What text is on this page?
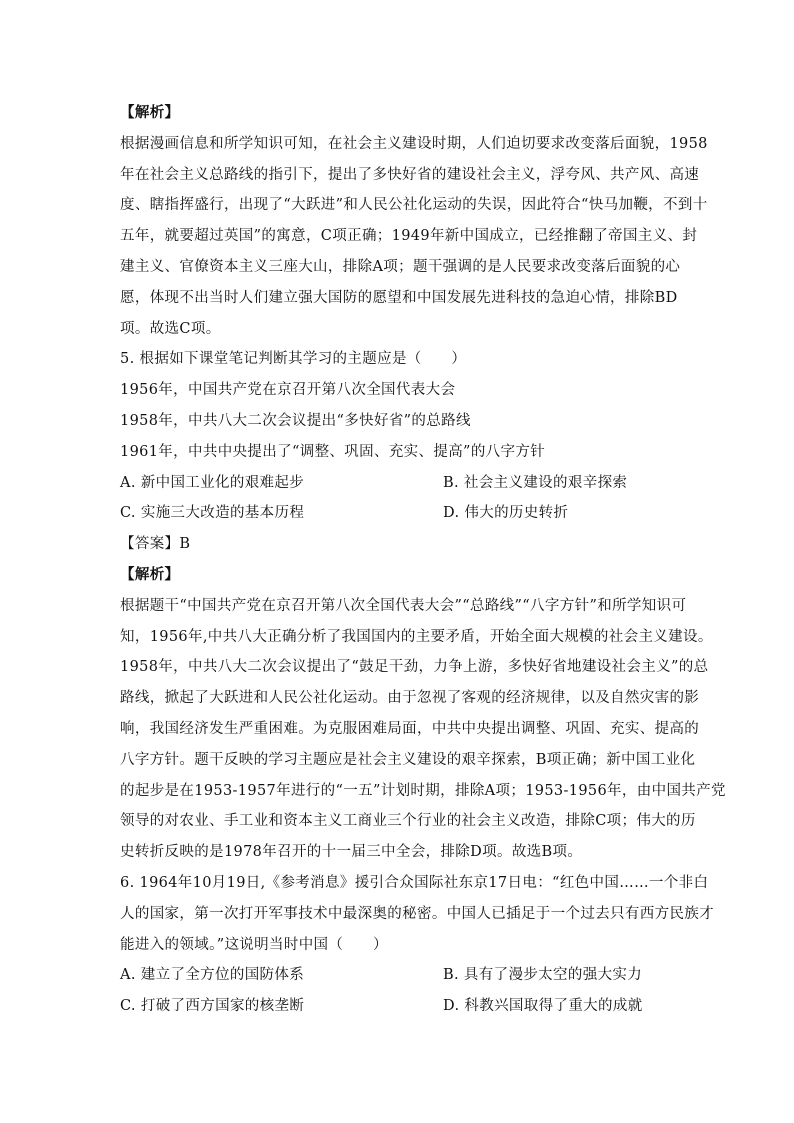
【解析】
根据漫画信息和所学知识可知，在社会主义建设时期，人们迫切要求改变落后面貌，1958
年在社会主义总路线的指引下，提出了多快好省的建设社会主义，浮夸风、共产风、高速
度、瞎指挥盛行，出现了“大跃进”和人民公社化运动的失误，因此符合“快马加鞭，不到十
五年，就要超过英国”的寓意，C项正确；1949年新中国成立，已经推翻了帝国主义、封
建主义、官僚资本主义三座大山，排除A项；题干强调的是人民要求改变落后面貌的心
愿，体现不出当时人们建立强大国防的愿望和中国发展先进科技的急迫心情，排除BD
项。故选C项。
5. 根据如下课堂笔记判断其学习的主题应是（　　）
1956年，中国共产党在京召开第八次全国代表大会
1958年，中共八大二次会议提出“多快好省”的总路线
1961年，中共中央提出了“调整、巩固、充实、提高”的八字方针
A. 新中国工业化的艰难起步	B. 社会主义建设的艰辛探索
C. 实施三大改造的基本历程	D. 伟大的历史转折
【答案】B
【解析】
根据题干“中国共产党在京召开第八次全国代表大会”“总路线”“八字方针”和所学知识可
知，1956年,中共八大正确分析了我国国内的主要矛盾，开始全面大规模的社会主义建设。
1958年，中共八大二次会议提出了“鼓足干劲，力争上游，多快好省地建设社会主义”的总
路线，掀起了大跃进和人民公社化运动。由于忽视了客观的经济规律，以及自然灾害的影
响，我国经济发生严重困难。为克服困难局面，中共中央提出调整、巩固、充实、提高的
八字方针。题干反映的学习主题应是社会主义建设的艰辛探索，B项正确；新中国工业化
的起步是在1953-1957年进行的“一五”计划时期，排除A项；1953-1956年，由中国共产党
领导的对农业、手工业和资本主义工商业三个行业的社会主义改造，排除C项；伟大的历
史转折反映的是1978年召开的十一届三中全会，排除D项。故选B项。
6. 1964年10月19日,《参考消息》援引合众国际社东京17日电：“红色中国……一个非白
人的国家，第一次打开军事技术中最深奥的秘密。中国人已插足于一个过去只有西方民族才
能进入的领域。”这说明当时中国（　　）
A. 建立了全方位的国防体系	B. 具有了漫步太空的强大实力
C. 打破了西方国家的核垄断	D. 科教兴国取得了重大的成就
